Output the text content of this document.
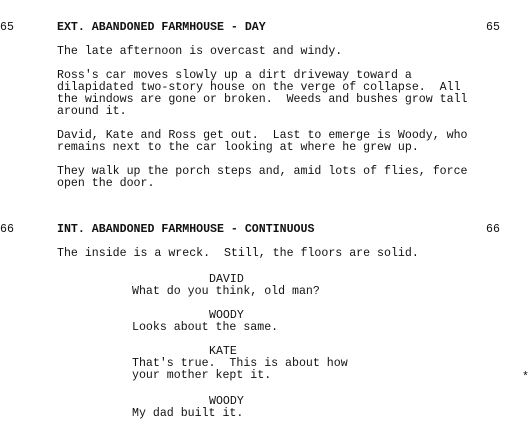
65	EXT. ABANDONED FARMHOUSE - DAY	65
The late afternoon is overcast and windy.
Ross's car moves slowly up a dirt driveway toward a
dilapidated two-story house on the verge of collapse.  All
the windows are gone or broken.  Weeds and bushes grow tall
around it.
David, Kate and Ross get out.  Last to emerge is Woody, who
remains next to the car looking at where he grew up.
They walk up the porch steps and, amid lots of flies, force
open the door.
66	INT. ABANDONED FARMHOUSE - CONTINUOUS	66
The inside is a wreck.  Still, the floors are solid.
DAVID
What do you think, old man?
WOODY
Looks about the same.
KATE
That's true.  This is about how
your mother kept it.	*
WOODY
My dad built it.
